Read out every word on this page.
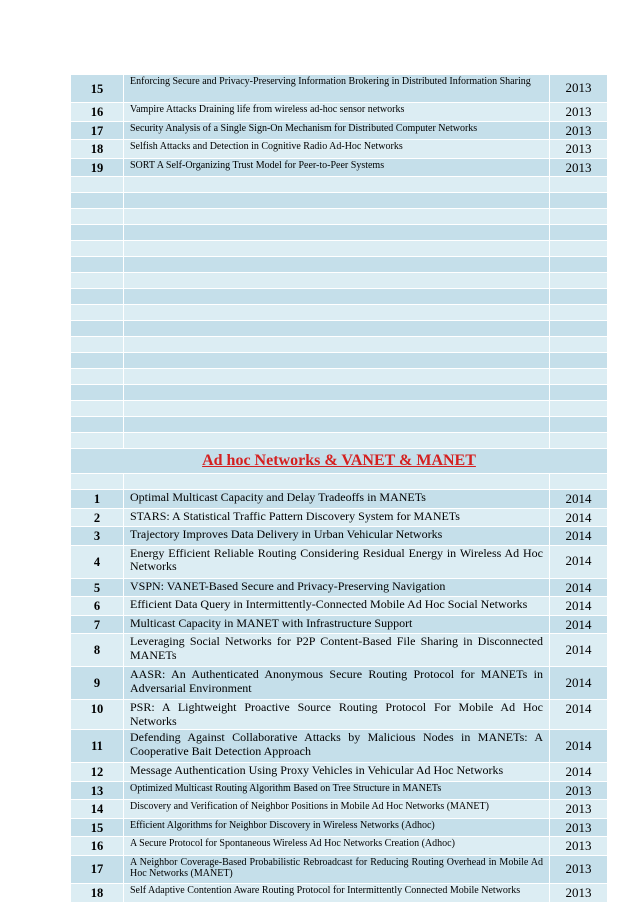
15	Enforcing Secure and Privacy-Preserving Information Brokering in Distributed Information Sharing	2013
16	Vampire Attacks Draining life from wireless ad-hoc sensor networks	2013
17	Security Analysis of a Single Sign-On Mechanism for Distributed Computer Networks	2013
18	Selfish Attacks and Detection in Cognitive Radio Ad-Hoc Networks	2013
19	SORT A Self-Organizing Trust Model for Peer-to-Peer Systems	2013

Ad hoc Networks & VANET & MANET		

1	Optimal Multicast Capacity and Delay Tradeoffs in MANETs	2014
2	STARS: A Statistical Traffic Pattern Discovery System for MANETs	2014
3	Trajectory Improves Data Delivery in Urban Vehicular Networks	2014
4	Energy Efficient Reliable Routing Considering Residual Energy in Wireless Ad Hoc Networks	2014
5	VSPN: VANET-Based Secure and Privacy-Preserving Navigation	2014
6	Efficient Data Query in Intermittently-Connected Mobile Ad Hoc Social Networks	2014
7	Multicast Capacity in MANET with Infrastructure Support	2014
8	Leveraging Social Networks for P2P Content-Based File Sharing in Disconnected MANETs	2014
9	AASR: An Authenticated Anonymous Secure Routing Protocol for MANETs in Adversarial Environment	2014
10	PSR: A Lightweight Proactive Source Routing Protocol For Mobile Ad Hoc Networks	2014
11	Defending Against Collaborative Attacks by Malicious Nodes in MANETs: A Cooperative Bait Detection Approach	2014
12	Message Authentication Using Proxy Vehicles in Vehicular Ad Hoc Networks	2014
13	Optimized Multicast Routing Algorithm Based on Tree Structure in MANETs	2013
14	Discovery and Verification of Neighbor Positions in Mobile Ad Hoc Networks (MANET)	2013
15	Efficient Algorithms for Neighbor Discovery in Wireless Networks (Adhoc)	2013
16	A Secure Protocol for Spontaneous Wireless Ad Hoc Networks Creation (Adhoc)	2013
17	A Neighbor Coverage-Based Probabilistic Rebroadcast for Reducing Routing Overhead in Mobile Ad Hoc Networks (MANET)	2013
18	Self Adaptive Contention Aware Routing Protocol for Intermittently Connected Mobile Networks	2013
